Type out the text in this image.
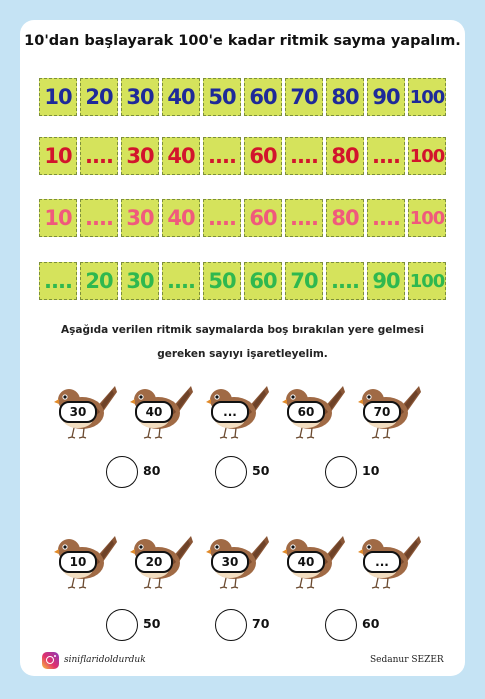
10'dan başlayarak 100'e kadar ritmik sayma yapalım.
10 20 30 40 50 60 70 80 90 100
10 .... 30 40 .... 60 .... 80 .... 100
10 .... 30 40 .... 60 .... 80 .... 100
.... 20 30 .... 50 60 70 .... 90 100
Aşağıda verilen ritmik saymalarda boş bırakılan yere gelmesi
gereken sayıyı işaretleyelim.
30	40	...	60	70
80	50	10
10	20	30	40	...
50	70	60
siniflaridoldurduk	Sedanur SEZER
